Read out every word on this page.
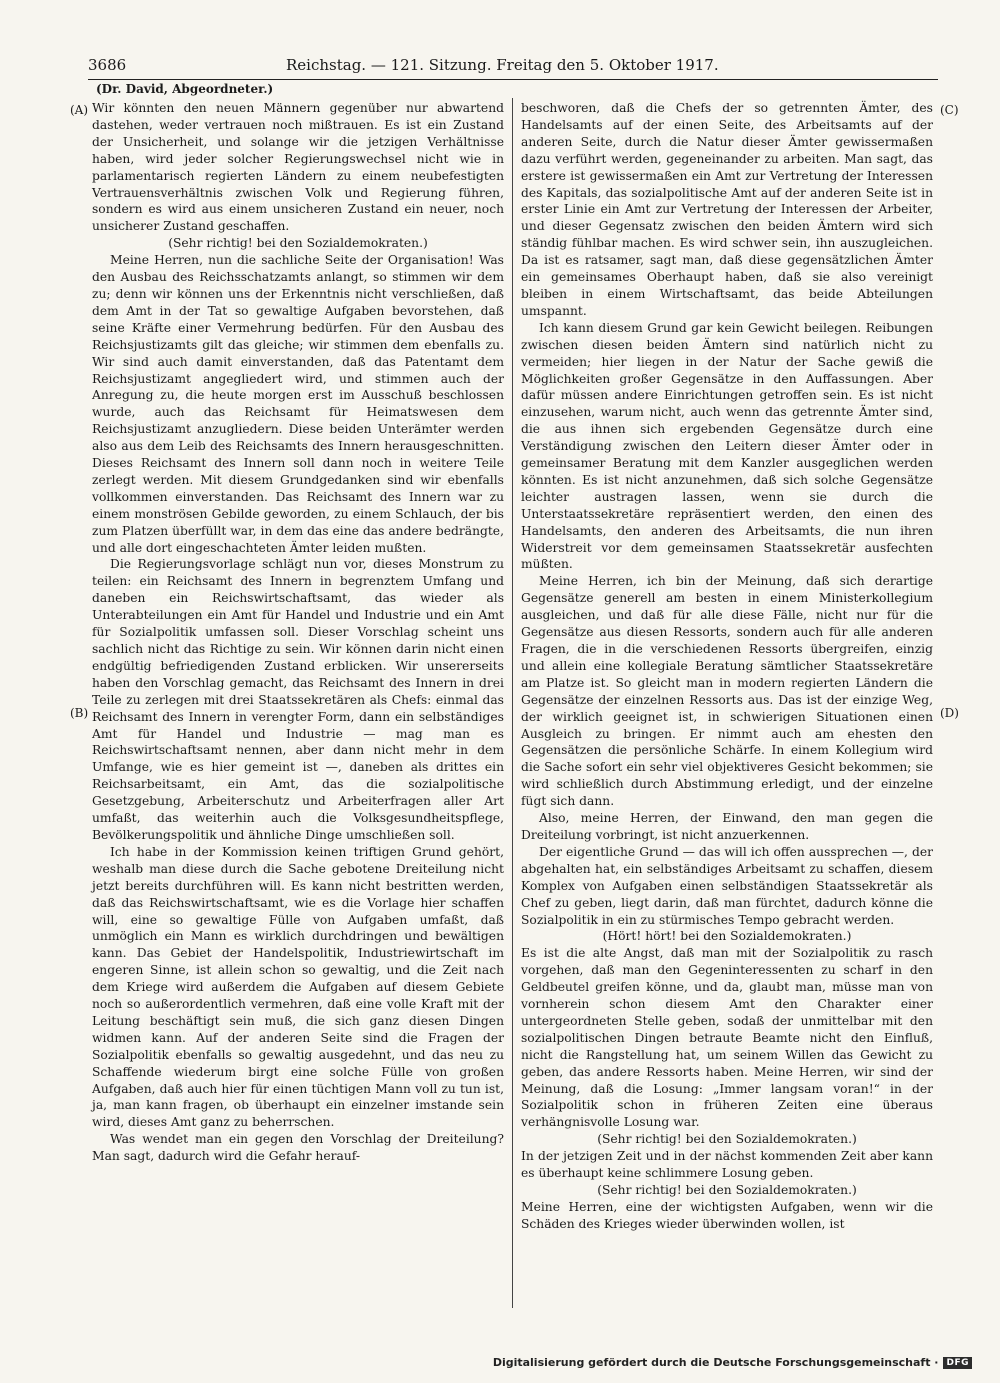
3686	Reichstag. — 121. Sitzung. Freitag den 5. Oktober 1917.
(Dr. David, Abgeordneter.)
(A)
(B)
(C)
(D)

Wir könnten den neuen Männern gegenüber nur abwartend dastehen, weder vertrauen noch mißtrauen. Es ist ein Zustand der Unsicherheit, und solange wir die jetzigen Verhältnisse haben, wird jeder solcher Regierungswechsel nicht wie in parlamentarisch regierten Ländern zu einem neubefestigten Vertrauensverhältnis zwischen Volk und Regierung führen, sondern es wird aus einem unsicheren Zustand ein neuer, noch unsicherer Zustand geschaffen.

(Sehr richtig! bei den Sozialdemokraten.)

Meine Herren, nun die sachliche Seite der Organisation! Was den Ausbau des Reichsschatzamts anlangt, so stimmen wir dem zu; denn wir können uns der Erkenntnis nicht verschließen, daß dem Amt in der Tat so gewaltige Aufgaben bevorstehen, daß seine Kräfte einer Vermehrung bedürfen. Für den Ausbau des Reichsjustizamts gilt das gleiche; wir stimmen dem ebenfalls zu. Wir sind auch damit einverstanden, daß das Patentamt dem Reichsjustizamt angegliedert wird, und stimmen auch der Anregung zu, die heute morgen erst im Ausschuß beschlossen wurde, auch das Reichsamt für Heimatswesen dem Reichsjustizamt anzugliedern. Diese beiden Unterämter werden also aus dem Leib des Reichsamts des Innern herausgeschnitten. Dieses Reichsamt des Innern soll dann noch in weitere Teile zerlegt werden. Mit diesem Grundgedanken sind wir ebenfalls vollkommen einverstanden. Das Reichsamt des Innern war zu einem monströsen Gebilde geworden, zu einem Schlauch, der bis zum Platzen überfüllt war, in dem das eine das andere bedrängte, und alle dort eingeschachteten Ämter leiden mußten.

Die Regierungsvorlage schlägt nun vor, dieses Monstrum zu teilen: ein Reichsamt des Innern in begrenztem Umfang und daneben ein Reichswirtschaftsamt, das wieder als Unterabteilungen ein Amt für Handel und Industrie und ein Amt für Sozialpolitik umfassen soll. Dieser Vorschlag scheint uns sachlich nicht das Richtige zu sein. Wir können darin nicht einen endgültig befriedigenden Zustand erblicken. Wir unsererseits haben den Vorschlag gemacht, das Reichsamt des Innern in drei Teile zu zerlegen mit drei Staatssekretären als Chefs: einmal das Reichsamt des Innern in verengter Form, dann ein selbständiges Amt für Handel und Industrie — mag man es Reichswirtschaftsamt nennen, aber dann nicht mehr in dem Umfange, wie es hier gemeint ist —, daneben als drittes ein Reichsarbeitsamt, ein Amt, das die sozialpolitische Gesetzgebung, Arbeiterschutz und Arbeiterfragen aller Art umfaßt, das weiterhin auch die Volksgesundheitspflege, Bevölkerungspolitik und ähnliche Dinge umschließen soll.

Ich habe in der Kommission keinen triftigen Grund gehört, weshalb man diese durch die Sache gebotene Dreiteilung nicht jetzt bereits durchführen will. Es kann nicht bestritten werden, daß das Reichswirtschaftsamt, wie es die Vorlage hier schaffen will, eine so gewaltige Fülle von Aufgaben umfaßt, daß unmöglich ein Mann es wirklich durchdringen und bewältigen kann. Das Gebiet der Handelspolitik, Industriewirtschaft im engeren Sinne, ist allein schon so gewaltig, und die Zeit nach dem Kriege wird außerdem die Aufgaben auf diesem Gebiete noch so außerordentlich vermehren, daß eine volle Kraft mit der Leitung beschäftigt sein muß, die sich ganz diesen Dingen widmen kann. Auf der anderen Seite sind die Fragen der Sozialpolitik ebenfalls so gewaltig ausgedehnt, und das neu zu Schaffende wiederum birgt eine solche Fülle von großen Aufgaben, daß auch hier für einen tüchtigen Mann voll zu tun ist, ja, man kann fragen, ob überhaupt ein einzelner imstande sein wird, dieses Amt ganz zu beherrschen.

Was wendet man ein gegen den Vorschlag der Dreiteilung? Man sagt, dadurch wird die Gefahr herauf-

beschworen, daß die Chefs der so getrennten Ämter, des Handelsamts auf der einen Seite, des Arbeitsamts auf der anderen Seite, durch die Natur dieser Ämter gewissermaßen dazu verführt werden, gegeneinander zu arbeiten. Man sagt, das erstere ist gewissermaßen ein Amt zur Vertretung der Interessen des Kapitals, das sozialpolitische Amt auf der anderen Seite ist in erster Linie ein Amt zur Vertretung der Interessen der Arbeiter, und dieser Gegensatz zwischen den beiden Ämtern wird sich ständig fühlbar machen. Es wird schwer sein, ihn auszugleichen. Da ist es ratsamer, sagt man, daß diese gegensätzlichen Ämter ein gemeinsames Oberhaupt haben, daß sie also vereinigt bleiben in einem Wirtschaftsamt, das beide Abteilungen umspannt.

Ich kann diesem Grund gar kein Gewicht beilegen. Reibungen zwischen diesen beiden Ämtern sind natürlich nicht zu vermeiden; hier liegen in der Natur der Sache gewiß die Möglichkeiten großer Gegensätze in den Auffassungen. Aber dafür müssen andere Einrichtungen getroffen sein. Es ist nicht einzusehen, warum nicht, auch wenn das getrennte Ämter sind, die aus ihnen sich ergebenden Gegensätze durch eine Verständigung zwischen den Leitern dieser Ämter oder in gemeinsamer Beratung mit dem Kanzler ausgeglichen werden könnten. Es ist nicht anzunehmen, daß sich solche Gegensätze leichter austragen lassen, wenn sie durch die Unterstaatssekretäre repräsentiert werden, den einen des Handelsamts, den anderen des Arbeitsamts, die nun ihren Widerstreit vor dem gemeinsamen Staatssekretär ausfechten müßten.

Meine Herren, ich bin der Meinung, daß sich derartige Gegensätze generell am besten in einem Ministerkollegium ausgleichen, und daß für alle diese Fälle, nicht nur für die Gegensätze aus diesen Ressorts, sondern auch für alle anderen Fragen, die in die verschiedenen Ressorts übergreifen, einzig und allein eine kollegiale Beratung sämtlicher Staatssekretäre am Platze ist. So gleicht man in modern regierten Ländern die Gegensätze der einzelnen Ressorts aus. Das ist der einzige Weg, der wirklich geeignet ist, in schwierigen Situationen einen Ausgleich zu bringen. Er nimmt auch am ehesten den Gegensätzen die persönliche Schärfe. In einem Kollegium wird die Sache sofort ein sehr viel objektiveres Gesicht bekommen; sie wird schließlich durch Abstimmung erledigt, und der einzelne fügt sich dann.

Also, meine Herren, der Einwand, den man gegen die Dreiteilung vorbringt, ist nicht anzuerkennen.

Der eigentliche Grund — das will ich offen aussprechen —, der abgehalten hat, ein selbständiges Arbeitsamt zu schaffen, diesem Komplex von Aufgaben einen selbständigen Staatssekretär als Chef zu geben, liegt darin, daß man fürchtet, dadurch könne die Sozialpolitik in ein zu stürmisches Tempo gebracht werden.

(Hört! hört! bei den Sozialdemokraten.)

Es ist die alte Angst, daß man mit der Sozialpolitik zu rasch vorgehen, daß man den Gegeninteressenten zu scharf in den Geldbeutel greifen könne, und da, glaubt man, müsse man von vornherein schon diesem Amt den Charakter einer untergeordneten Stelle geben, sodaß der unmittelbar mit den sozialpolitischen Dingen betraute Beamte nicht den Einfluß, nicht die Rangstellung hat, um seinem Willen das Gewicht zu geben, das andere Ressorts haben. Meine Herren, wir sind der Meinung, daß die Losung: „Immer langsam voran!“ in der Sozialpolitik schon in früheren Zeiten eine überaus verhängnisvolle Losung war.

(Sehr richtig! bei den Sozialdemokraten.)

In der jetzigen Zeit und in der nächst kommenden Zeit aber kann es überhaupt keine schlimmere Losung geben.

(Sehr richtig! bei den Sozialdemokraten.)

Meine Herren, eine der wichtigsten Aufgaben, wenn wir die Schäden des Krieges wieder überwinden wollen, ist

Digitalisierung gefördert durch die Deutsche Forschungsgemeinschaft · DFG
